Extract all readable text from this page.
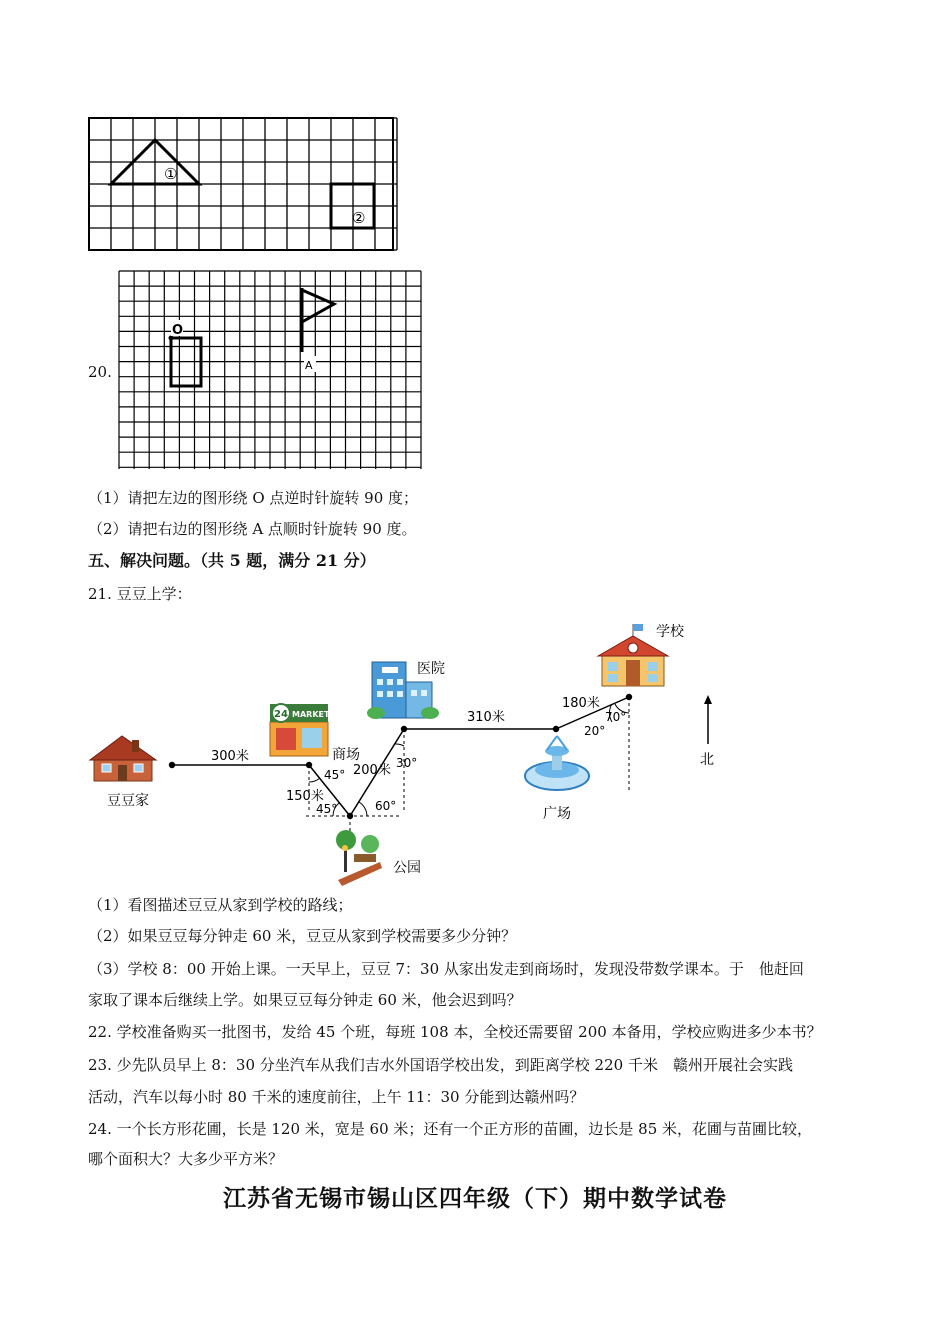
①
②
20.
O
A
（1）请把左边的图形绕 O 点逆时针旋转 90 度；
（2）请把右边的图形绕 A 点顺时针旋转 90 度。
五、解决问题。（共 5 题，满分 21 分）
21. 豆豆上学：
豆豆家
24 MARKET
商场
医院
学校
广场
公园
北
300米
150米
200米
310米
180米
45°
45°
30°
60°
70°
20°
（1）看图描述豆豆从家到学校的路线；
（2）如果豆豆每分钟走 60 米，豆豆从家到学校需要多少分钟？
（3）学校 8：00 开始上课。一天早上，豆豆 7：30 从家出发走到商场时，发现没带数学课本。于　他赶回
家取了课本后继续上学。如果豆豆每分钟走 60 米，他会迟到吗？
22. 学校准备购买一批图书，发给 45 个班，每班 108 本，全校还需要留 200 本备用，学校应购进多少本书？
23. 少先队员早上 8：30 分坐汽车从我们吉水外国语学校出发，到距离学校 220 千米　赣州开展社会实践
活动，汽车以每小时 80 千米的速度前往，上午 11：30 分能到达赣州吗？
24. 一个长方形花圃，长是 120 米，宽是 60 米；还有一个正方形的苗圃，边长是 85 米，花圃与苗圃比较，
哪个面积大？大多少平方米？
江苏省无锡市锡山区四年级（下）期中数学试卷
